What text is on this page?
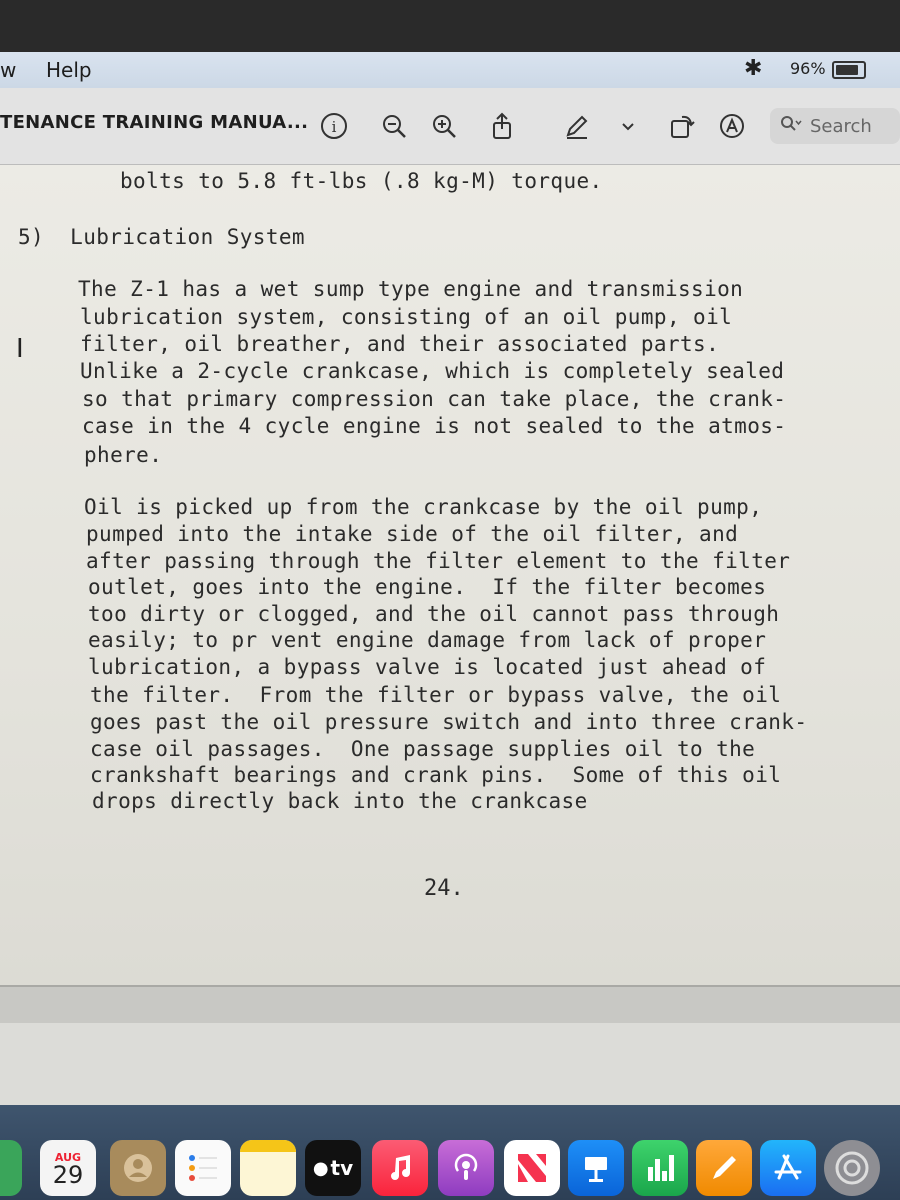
w Help	✱ 96%
TENANCE TRAINING MANUA... i	Search
bolts to 5.8 ft-lbs (.8 kg-M) torque.
5)  Lubrication System
The Z-1 has a wet sump type engine and transmission
lubrication system, consisting of an oil pump, oil
filter, oil breather, and their associated parts.
Unlike a 2-cycle crankcase, which is completely sealed
so that primary compression can take place, the crank-
case in the 4 cycle engine is not sealed to the atmos-
phere.
Oil is picked up from the crankcase by the oil pump,
pumped into the intake side of the oil filter, and
after passing through the filter element to the filter
outlet, goes into the engine.  If the filter becomes
too dirty or clogged, and the oil cannot pass through
easily; to pr vent engine damage from lack of proper
lubrication, a bypass valve is located just ahead of
the filter.  From the filter or bypass valve, the oil
goes past the oil pressure switch and into three crank-
case oil passages.  One passage supplies oil to the
crankshaft bearings and crank pins.  Some of this oil
drops directly back into the crankcase
24.
I
AUG
29	● tv
